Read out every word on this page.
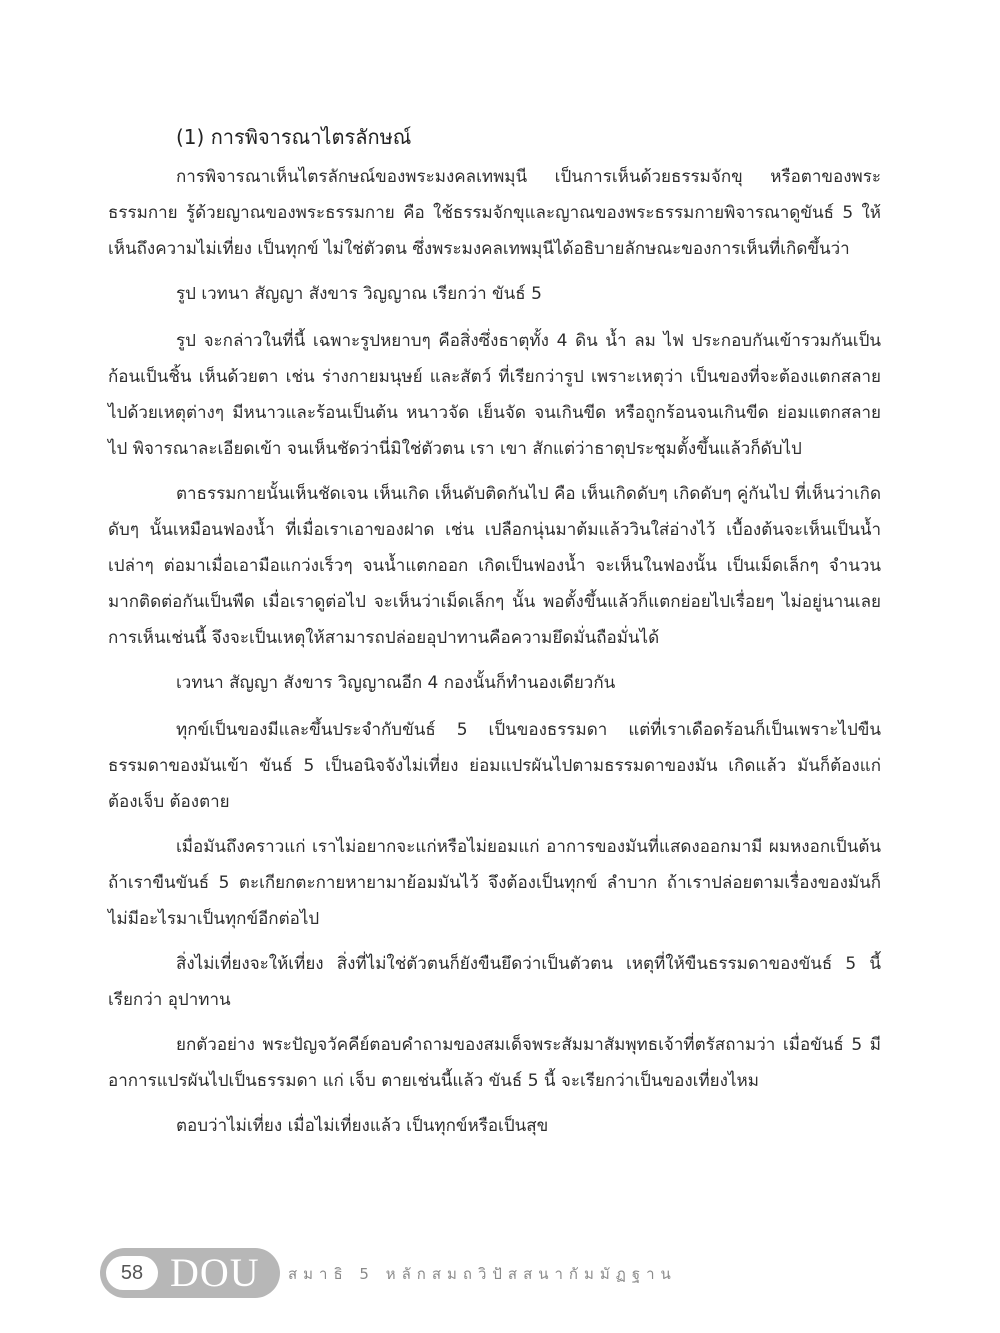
(1) การพิจารณาไตรลักษณ์

การพิจารณาเห็นไตรลักษณ์ของพระมงคลเทพมุนี เป็นการเห็นด้วยธรรมจักขุ หรือตาของพระธรรมกาย รู้ด้วยญาณของพระธรรมกาย คือ ใช้ธรรมจักขุและญาณของพระธรรมกายพิจารณาดูขันธ์ 5 ให้เห็นถึงความไม่เที่ยง เป็นทุกข์ ไม่ใช่ตัวตน ซึ่งพระมงคลเทพมุนีได้อธิบายลักษณะของการเห็นที่เกิดขึ้นว่า

รูป เวทนา สัญญา สังขาร วิญญาณ เรียกว่า ขันธ์ 5

รูป จะกล่าวในที่นี้ เฉพาะรูปหยาบๆ คือสิ่งซึ่งธาตุทั้ง 4 ดิน น้ำ ลม ไฟ ประกอบกันเข้ารวมกันเป็นก้อนเป็นชิ้น เห็นด้วยตา เช่น ร่างกายมนุษย์ และสัตว์ ที่เรียกว่ารูป เพราะเหตุว่า เป็นของที่จะต้องแตกสลายไปด้วยเหตุต่างๆ มีหนาวและร้อนเป็นต้น หนาวจัด เย็นจัด จนเกินขีด หรือถูกร้อนจนเกินขีด ย่อมแตกสลายไป พิจารณาละเอียดเข้า จนเห็นชัดว่านี่มิใช่ตัวตน เรา เขา สักแต่ว่าธาตุประชุมตั้งขึ้นแล้วก็ดับไป

ตาธรรมกายนั้นเห็นชัดเจน เห็นเกิด เห็นดับติดกันไป คือ เห็นเกิดดับๆ เกิดดับๆ คู่กันไป ที่เห็นว่าเกิดดับๆ นั้นเหมือนฟองน้ำ ที่เมื่อเราเอาของฝาด เช่น เปลือกนุ่นมาต้มแล้ววินใส่อ่างไว้ เบื้องต้นจะเห็นเป็นน้ำเปล่าๆ ต่อมาเมื่อเอามือแกว่งเร็วๆ จนน้ำแตกออก เกิดเป็นฟองน้ำ จะเห็นในฟองนั้น เป็นเม็ดเล็กๆ จำนวนมากติดต่อกันเป็นพืด เมื่อเราดูต่อไป จะเห็นว่าเม็ดเล็กๆ นั้น พอตั้งขึ้นแล้วก็แตกย่อยไปเรื่อยๆ ไม่อยู่นานเลย การเห็นเช่นนี้ จึงจะเป็นเหตุให้สามารถปล่อยอุปาทานคือความยึดมั่นถือมั่นได้

เวทนา สัญญา สังขาร วิญญาณอีก 4 กองนั้นก็ทำนองเดียวกัน

ทุกข์เป็นของมีและขึ้นประจำกับขันธ์ 5 เป็นของธรรมดา แต่ที่เราเดือดร้อนก็เป็นเพราะไปขืนธรรมดาของมันเข้า ขันธ์ 5 เป็นอนิจจังไม่เที่ยง ย่อมแปรผันไปตามธรรมดาของมัน เกิดแล้ว มันก็ต้องแก่ ต้องเจ็บ ต้องตาย

เมื่อมันถึงคราวแก่ เราไม่อยากจะแก่หรือไม่ยอมแก่ อาการของมันที่แสดงออกมามี ผมหงอกเป็นต้น ถ้าเราขืนขันธ์ 5 ตะเกียกตะกายหายามาย้อมมันไว้ จึงต้องเป็นทุกข์ ลำบาก ถ้าเราปล่อยตามเรื่องของมันก็ไม่มีอะไรมาเป็นทุกข์อีกต่อไป

สิ่งไม่เที่ยงจะให้เที่ยง สิ่งที่ไม่ใช่ตัวตนก็ยังขืนยึดว่าเป็นตัวตน เหตุที่ให้ขืนธรรมดาของขันธ์ 5 นี้ เรียกว่า อุปาทาน

ยกตัวอย่าง พระปัญจวัคคีย์ตอบคำถามของสมเด็จพระสัมมาสัมพุทธเจ้าที่ตรัสถามว่า เมื่อขันธ์ 5 มีอาการแปรผันไปเป็นธรรมดา แก่ เจ็บ ตายเช่นนี้แล้ว ขันธ์ 5 นี้ จะเรียกว่าเป็นของเที่ยงไหม

ตอบว่าไม่เที่ยง เมื่อไม่เที่ยงแล้ว เป็นทุกข์หรือเป็นสุข

58 DOU สมาธิ 5 หลักสมถวิปัสสนากัมมัฏฐาน
